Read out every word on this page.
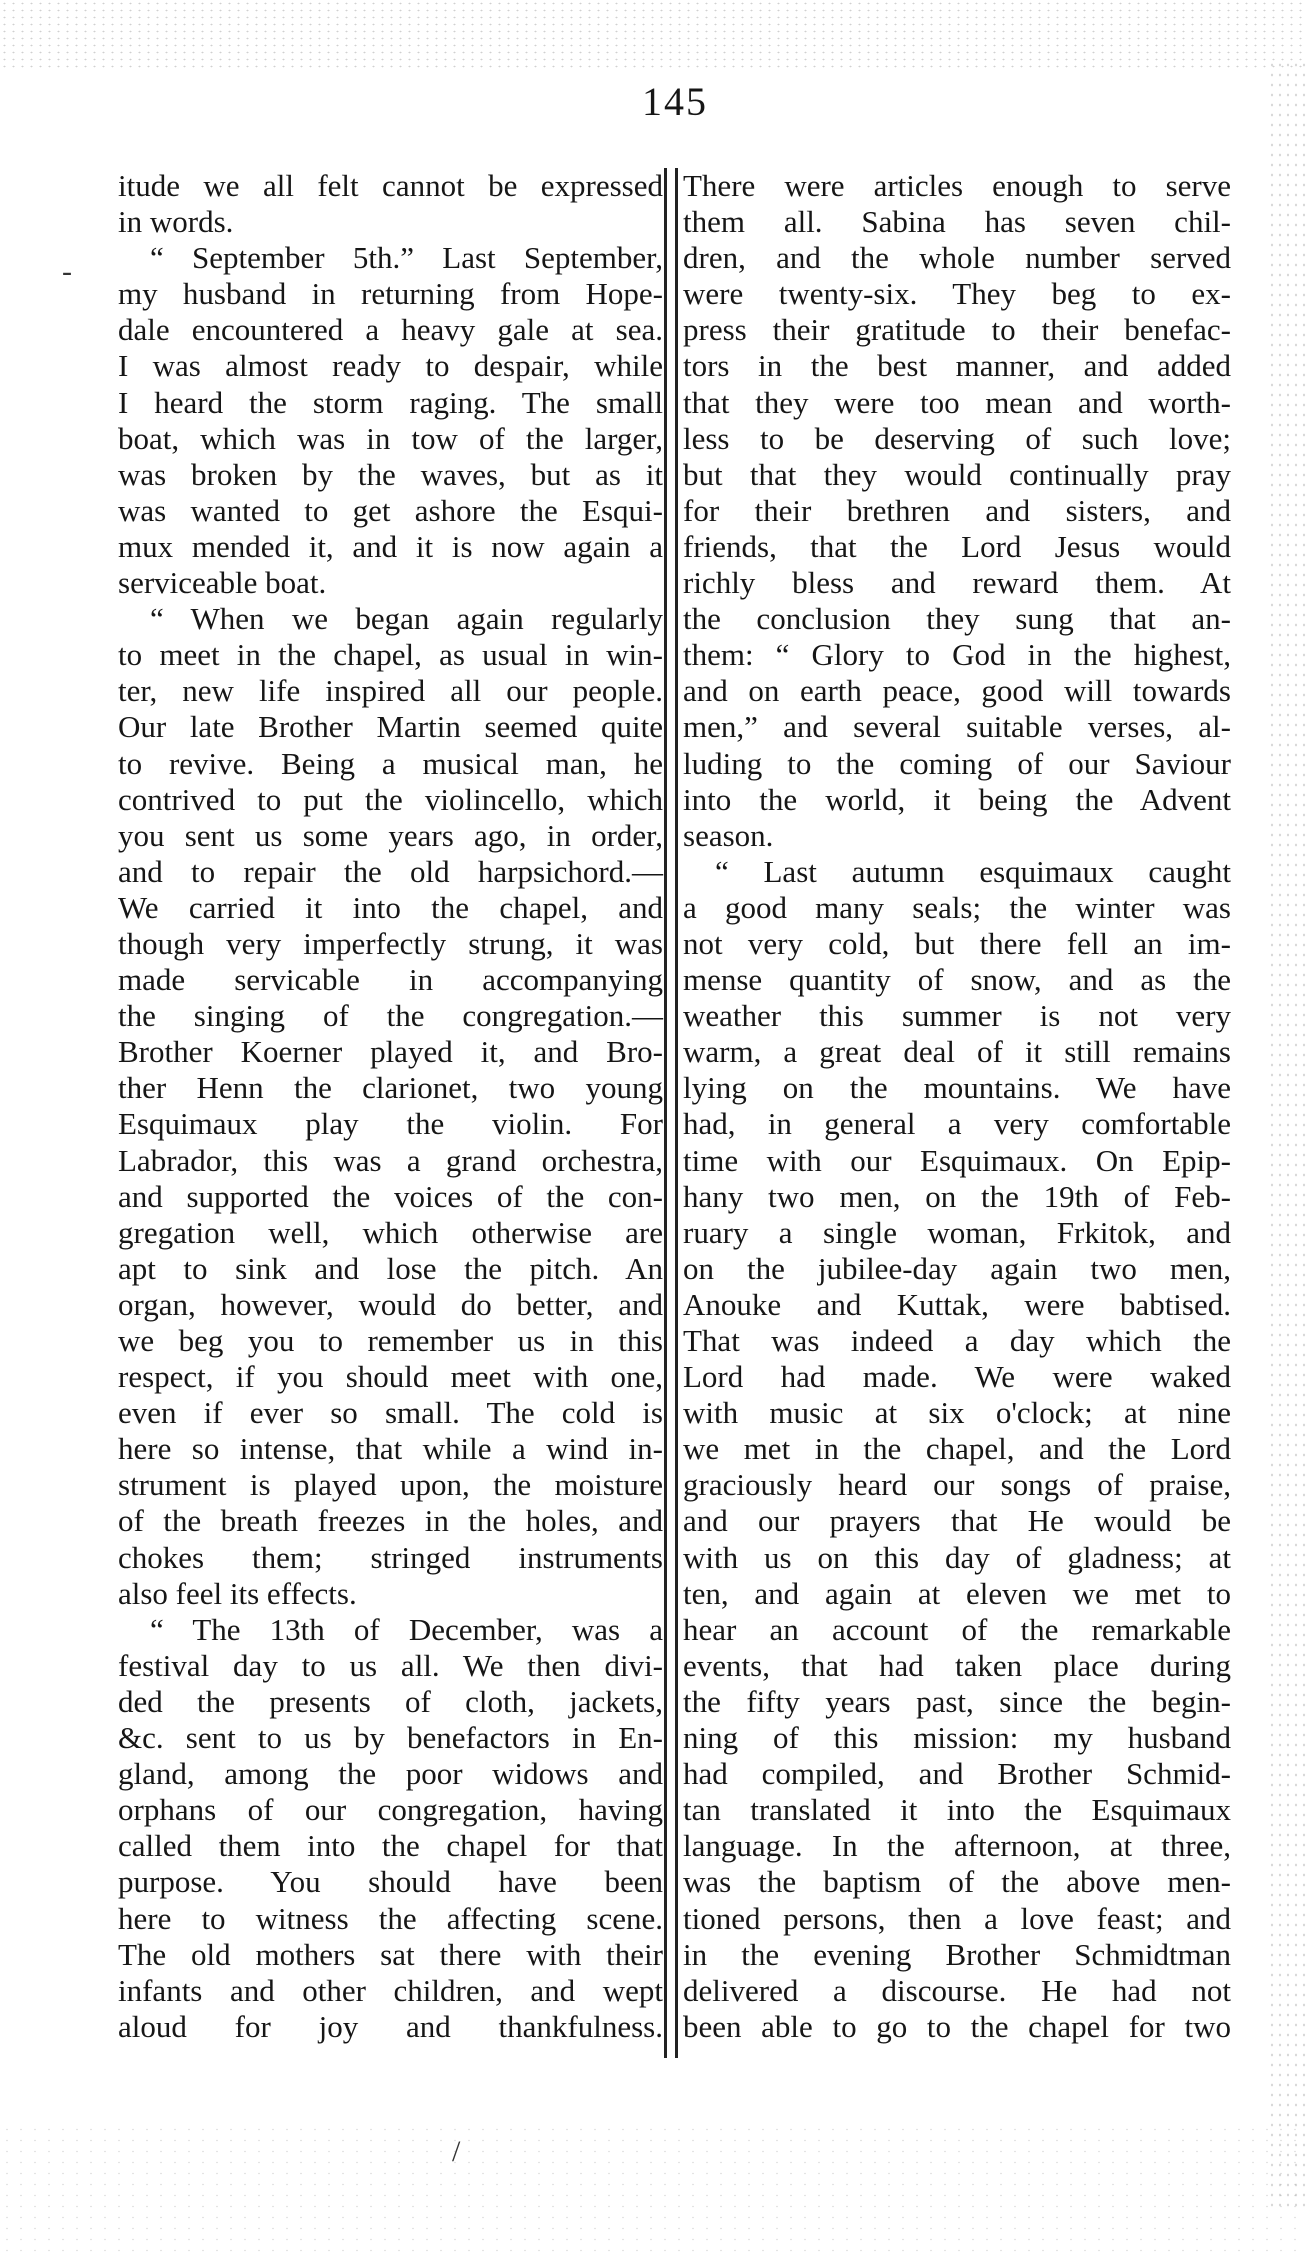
145
itude we all felt cannot be expressed
in words.
“ September 5th.” Last September,
my husband in returning from Hope-
dale encountered a heavy gale at sea.
I was almost ready to despair, while
I heard the storm raging. The small
boat, which was in tow of the larger,
was broken by the waves, but as it
was wanted to get ashore the Esqui-
mux mended it, and it is now again a
serviceable boat.
“ When we began again regularly
to meet in the chapel, as usual in win-
ter, new life inspired all our people.
Our late Brother Martin seemed quite
to revive. Being a musical man, he
contrived to put the violincello, which
you sent us some years ago, in order,
and to repair the old harpsichord.—
We carried it into the chapel, and
though very imperfectly strung, it was
made servicable in accompanying
the singing of the congregation.—
Brother Koerner played it, and Bro-
ther Henn the clarionet, two young
Esquimaux play the violin. For
Labrador, this was a grand orchestra,
and supported the voices of the con-
gregation well, which otherwise are
apt to sink and lose the pitch. An
organ, however, would do better, and
we beg you to remember us in this
respect, if you should meet with one,
even if ever so small. The cold is
here so intense, that while a wind in-
strument is played upon, the moisture
of the breath freezes in the holes, and
chokes them; stringed instruments
also feel its effects.
“ The 13th of December, was a
festival day to us all. We then divi-
ded the presents of cloth, jackets,
&c. sent to us by benefactors in En-
gland, among the poor widows and
orphans of our congregation, having
called them into the chapel for that
purpose. You should have been
here to witness the affecting scene.
The old mothers sat there with their
infants and other children, and wept
aloud for joy and thankfulness.
There were articles enough to serve
them all. Sabina has seven chil-
dren, and the whole number served
were twenty-six. They beg to ex-
press their gratitude to their benefac-
tors in the best manner, and added
that they were too mean and worth-
less to be deserving of such love;
but that they would continually pray
for their brethren and sisters, and
friends, that the Lord Jesus would
richly bless and reward them. At
the conclusion they sung that an-
them: “ Glory to God in the highest,
and on earth peace, good will towards
men,” and several suitable verses, al-
luding to the coming of our Saviour
into the world, it being the Advent
season.
“ Last autumn esquimaux caught
a good many seals; the winter was
not very cold, but there fell an im-
mense quantity of snow, and as the
weather this summer is not very
warm, a great deal of it still remains
lying on the mountains. We have
had, in general a very comfortable
time with our Esquimaux. On Epip-
hany two men, on the 19th of Feb-
ruary a single woman, Frkitok, and
on the jubilee-day again two men,
Anouke and Kuttak, were babtised.
That was indeed a day which the
Lord had made. We were waked
with music at six o'clock; at nine
we met in the chapel, and the Lord
graciously heard our songs of praise,
and our prayers that He would be
with us on this day of gladness; at
ten, and again at eleven we met to
hear an account of the remarkable
events, that had taken place during
the fifty years past, since the begin-
ning of this mission: my husband
had compiled, and Brother Schmid-
tan translated it into the Esquimaux
language. In the afternoon, at three,
was the baptism of the above men-
tioned persons, then a love feast; and
in the evening Brother Schmidtman
delivered a discourse. He had not
been able to go to the chapel for two
-
/
